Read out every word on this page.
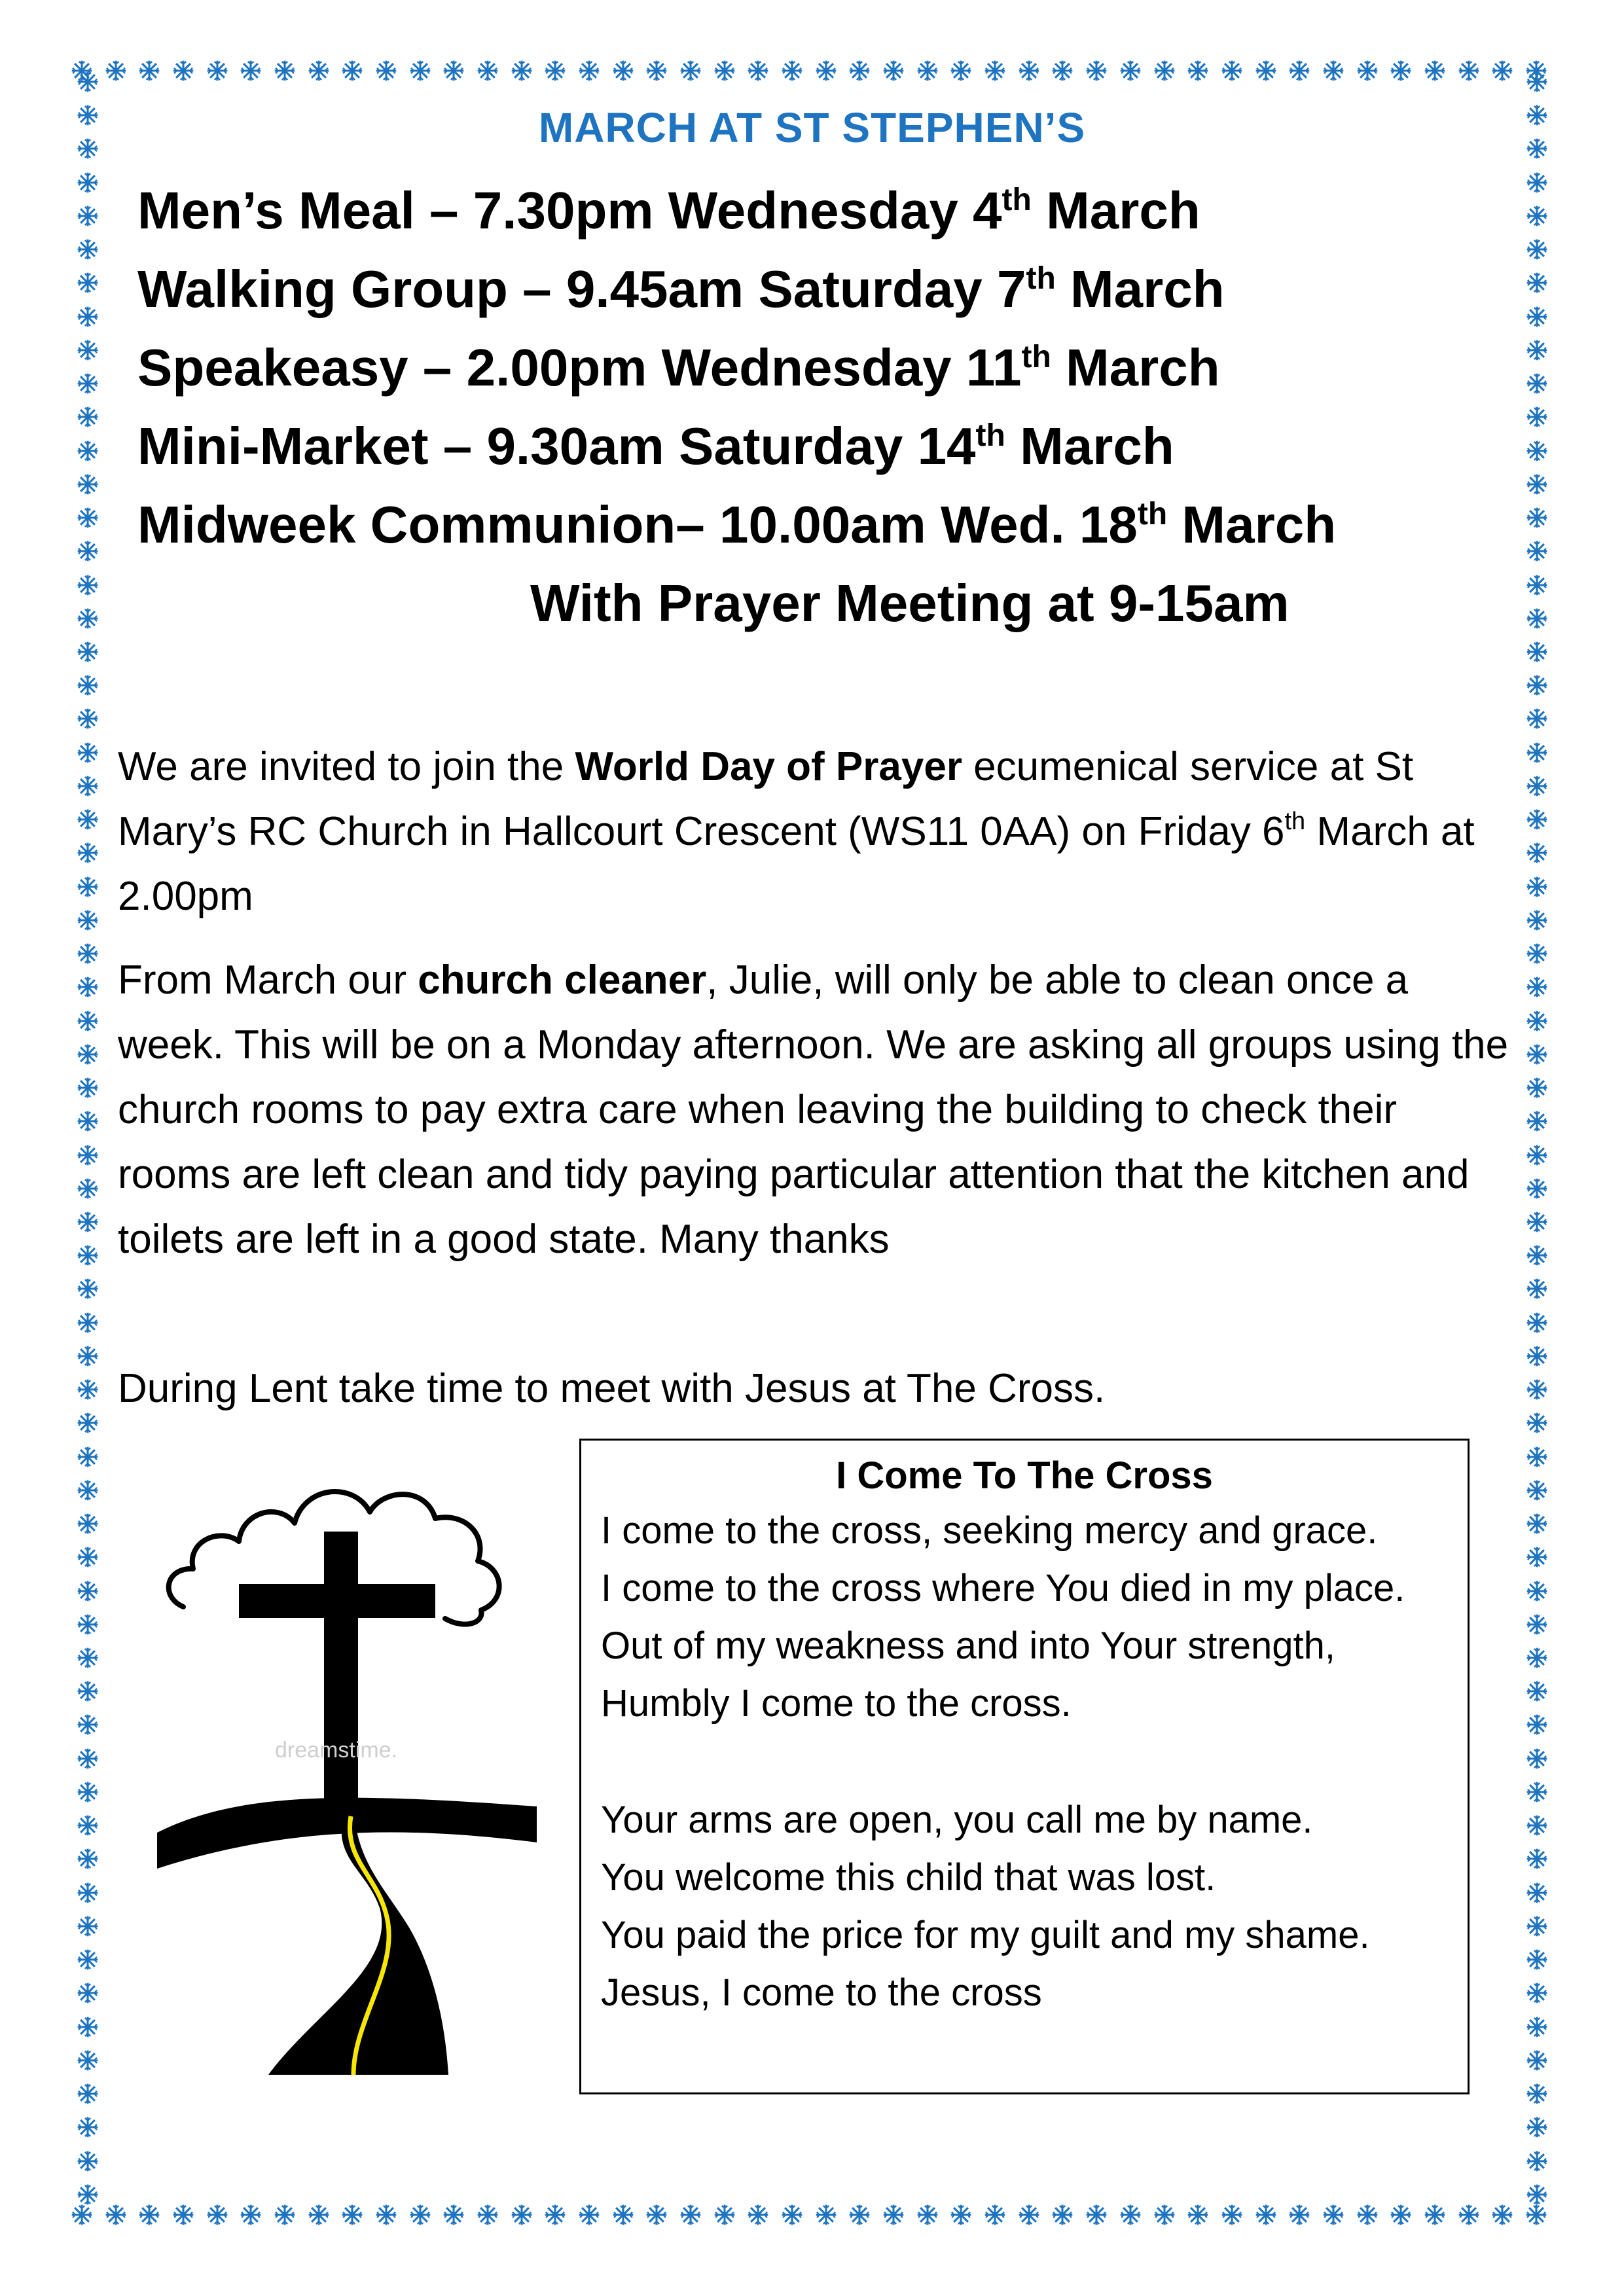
MARCH AT ST STEPHEN’S
Men’s Meal – 7.30pm Wednesday 4th March
Walking Group – 9.45am Saturday 7th March
Speakeasy – 2.00pm Wednesday 11th March
Mini-Market – 9.30am Saturday 14th March
Midweek Communion– 10.00am Wed. 18th March
With Prayer Meeting at 9-15am
We are invited to join the World Day of Prayer ecumenical service at St Mary’s RC Church in Hallcourt Crescent (WS11 0AA) on Friday 6th March at 2.00pm
From March our church cleaner, Julie, will only be able to clean once a week. This will be on a Monday afternoon. We are asking all groups using the church rooms to pay extra care when leaving the building to check their rooms are left clean and tidy paying particular attention that the kitchen and toilets are left in a good state. Many thanks
During Lent take time to meet with Jesus at The Cross.
dreamstime.
I Come To The Cross
I come to the cross, seeking mercy and grace.
I come to the cross where You died in my place.
Out of my weakness and into Your strength,
Humbly I come to the cross.
Your arms are open, you call me by name.
You welcome this child that was lost.
You paid the price for my guilt and my shame.
Jesus, I come to the cross
